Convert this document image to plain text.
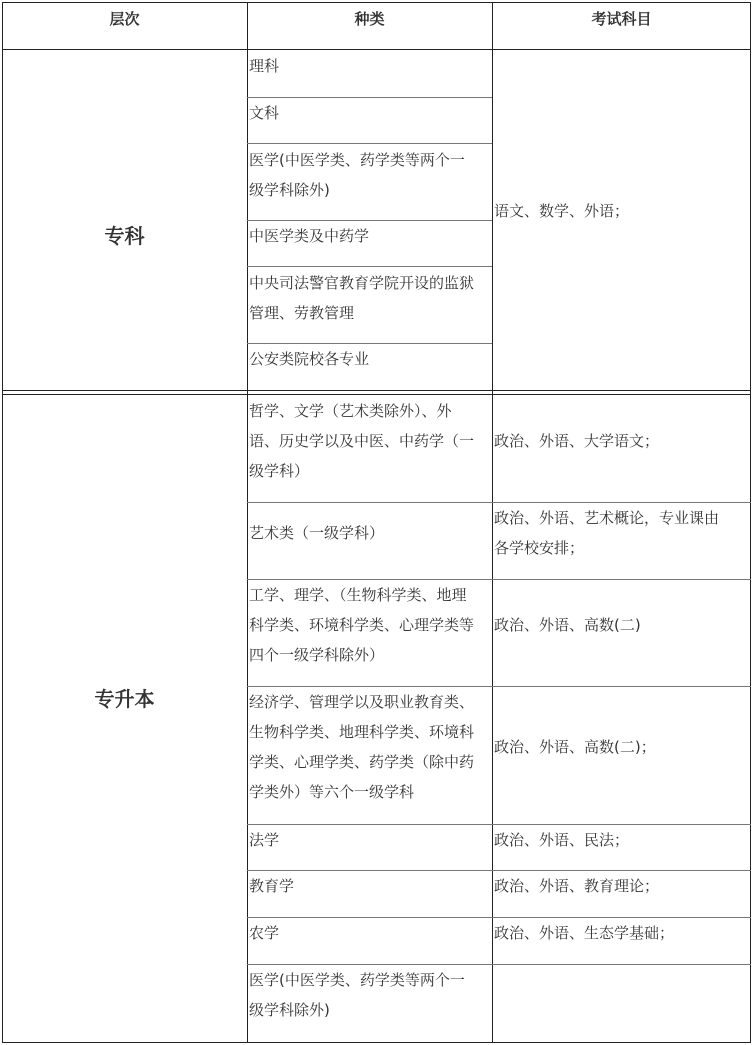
层次	种类	考试科目
专科
专升本
理科
文科
医学(中医学类、药学类等两个一
级学科除外)
中医学类及中药学
中央司法警官教育学院开设的监狱
管理、劳教管理
公安类院校各专业
语文、数学、外语；
哲学、文学（艺术类除外）、外
语、历史学以及中医、中药学（一
级学科）
艺术类（一级学科）
工学、理学、（生物科学类、地理
科学类、环境科学类、心理学类等
四个一级学科除外）
经济学、管理学以及职业教育类、
生物科学类、地理科学类、环境科
学类、心理学类、药学类（除中药
学类外）等六个一级学科
法学
教育学
农学
医学(中医学类、药学类等两个一
级学科除外)
政治、外语、大学语文；
政治、外语、艺术概论，专业课由
各学校安排；
政治、外语、高数(二)
政治、外语、高数(二)；
政治、外语、民法；
政治、外语、教育理论；
政治、外语、生态学基础；
